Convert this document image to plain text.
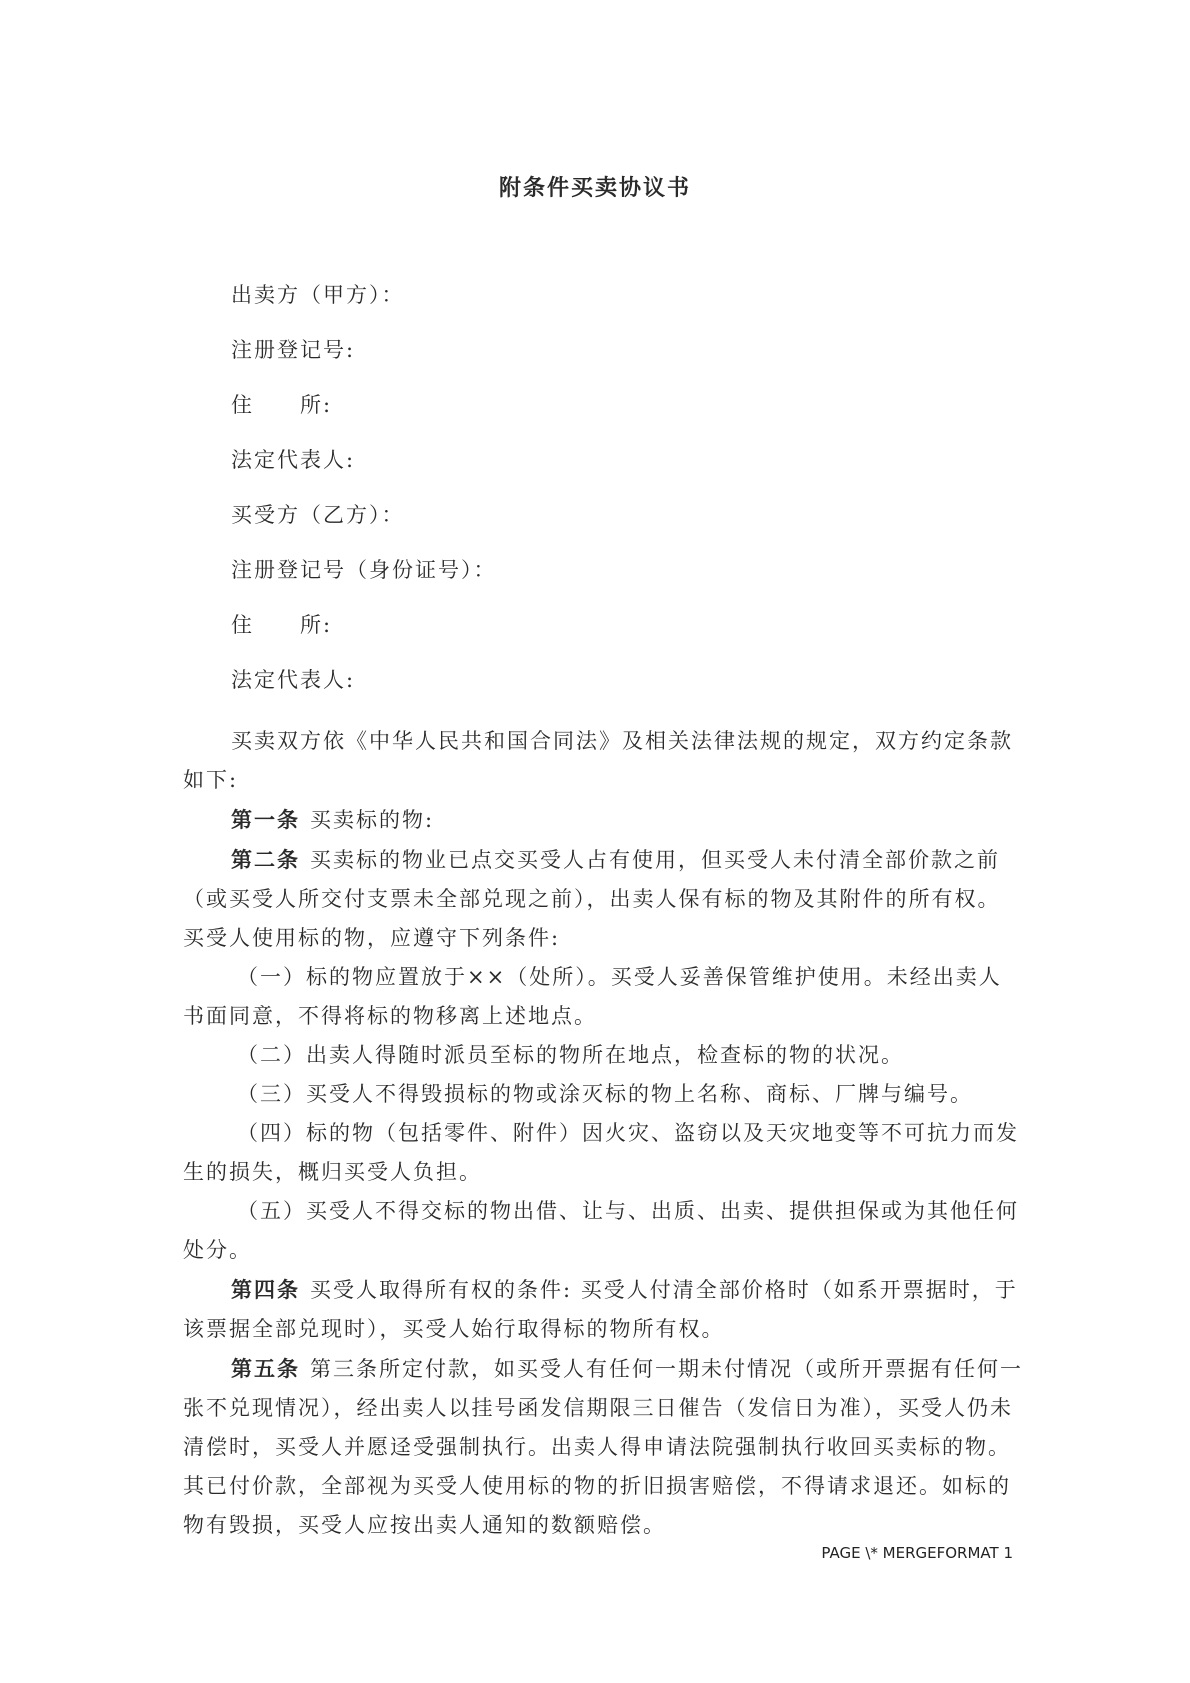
附条件买卖协议书
出卖方（甲方）：
注册登记号:
住　　所:
法定代表人:
买受方（乙方）：
注册登记号（身份证号）：
住　　所:
法定代表人:

买卖双方依《中华人民共和国合同法》及相关法律法规的规定，双方约定条款如下:

第一条 买卖标的物:

第二条 买卖标的物业已点交买受人占有使用，但买受人未付清全部价款之前（或买受人所交付支票未全部兑现之前），出卖人保有标的物及其附件的所有权。买受人使用标的物，应遵守下列条件:

（一）标的物应置放于××（处所）。买受人妥善保管维护使用。未经出卖人书面同意，不得将标的物移离上述地点。

（二）出卖人得随时派员至标的物所在地点，检查标的物的状况。

（三）买受人不得毁损标的物或涂灭标的物上名称、商标、厂牌与编号。

（四）标的物（包括零件、附件）因火灾、盗窃以及天灾地变等不可抗力而发生的损失，概归买受人负担。

（五）买受人不得交标的物出借、让与、出质、出卖、提供担保或为其他任何处分。

第四条 买受人取得所有权的条件: 买受人付清全部价格时（如系开票据时，于该票据全部兑现时），买受人始行取得标的物所有权。

第五条 第三条所定付款，如买受人有任何一期未付情况（或所开票据有任何一张不兑现情况），经出卖人以挂号函发信期限三日催告（发信日为准），买受人仍未清偿时，买受人并愿迳受强制执行。出卖人得申请法院强制执行收回买卖标的物。其已付价款，全部视为买受人使用标的物的折旧损害赔偿，不得请求退还。如标的物有毁损，买受人应按出卖人通知的数额赔偿。

PAGE \* MERGEFORMAT 1
